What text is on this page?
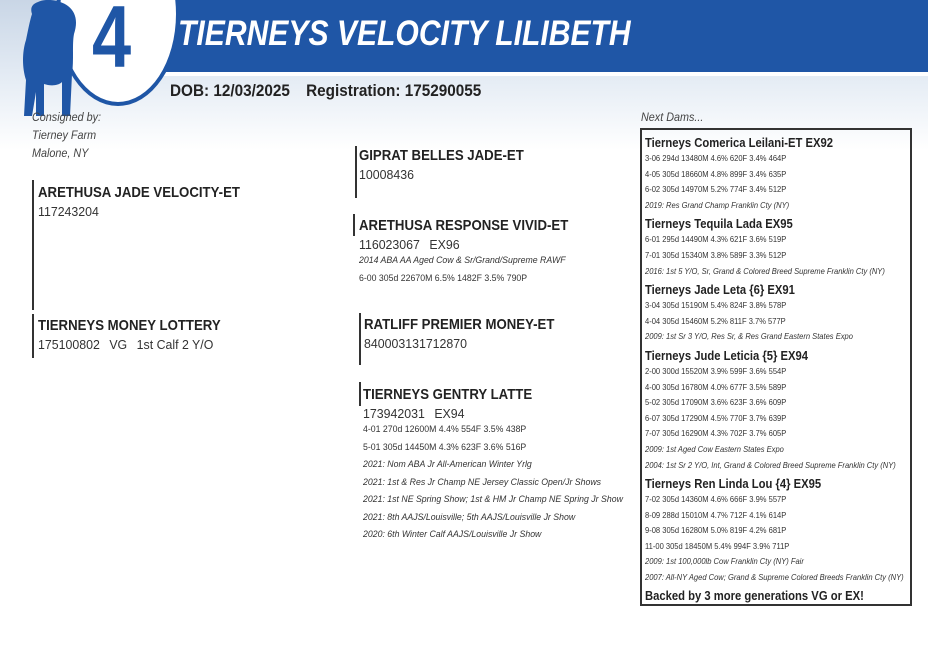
4 TIERNEYS VELOCITY LILIBETH
DOB: 12/03/2025 Registration: 175290055
Consigned by:
Tierney Farm
Malone, NY
ARETHUSA JADE VELOCITY-ET
117243204
TIERNEYS MONEY LOTTERY
175100802 VG 1st Calf 2 Y/O
GIPRAT BELLES JADE-ET
10008436
ARETHUSA RESPONSE VIVID-ET
116023067 EX96
2014 ABA AA Aged Cow & Sr/Grand/Supreme RAWF
6-00 305d 22670M 6.5% 1482F 3.5% 790P
RATLIFF PREMIER MONEY-ET
840003131712870
TIERNEYS GENTRY LATTE
173942031 EX94
4-01 270d 12600M 4.4% 554F 3.5% 438P
5-01 305d 14450M 4.3% 623F 3.6% 516P
2021: Nom ABA Jr All-American Winter Yrlg
2021: 1st & Res Jr Champ NE Jersey Classic Open/Jr Shows
2021: 1st NE Spring Show; 1st & HM Jr Champ NE Spring Jr Show
2021: 8th AAJS/Louisville; 5th AAJS/Louisville Jr Show
2020: 6th Winter Calf AAJS/Louisville Jr Show
Next Dams...
Tierneys Comerica Leilani-ET EX92
3-06 294d 13480M 4.6% 620F 3.4% 464P
4-05 305d 18660M 4.8% 899F 3.4% 635P
6-02 305d 14970M 5.2% 774F 3.4% 512P
2019: Res Grand Champ Franklin Cty (NY)
Tierneys Tequila Lada EX95
6-01 295d 14490M 4.3% 621F 3.6% 519P
7-01 305d 15340M 3.8% 589F 3.3% 512P
2016: 1st 5 Y/O, Sr, Grand & Colored Breed Supreme Franklin Cty (NY)
Tierneys Jade Leta {6} EX91
3-04 305d 15190M 5.4% 824F 3.8% 578P
4-04 305d 15460M 5.2% 811F 3.7% 577P
2009: 1st Sr 3 Y/O, Res Sr, & Res Grand Eastern States Expo
Tierneys Jude Leticia {5} EX94
2-00 300d 15520M 3.9% 599F 3.6% 554P
4-00 305d 16780M 4.0% 677F 3.5% 589P
5-02 305d 17090M 3.6% 623F 3.6% 609P
6-07 305d 17290M 4.5% 770F 3.7% 639P
7-07 305d 16290M 4.3% 702F 3.7% 605P
2009: 1st Aged Cow Eastern States Expo
2004: 1st Sr 2 Y/O, Int, Grand & Colored Breed Supreme Franklin Cty (NY)
Tierneys Ren Linda Lou {4} EX95
7-02 305d 14360M 4.6% 666F 3.9% 557P
8-09 288d 15010M 4.7% 712F 4.1% 614P
9-08 305d 16280M 5.0% 819F 4.2% 681P
11-00 305d 18450M 5.4% 994F 3.9% 711P
2009: 1st 100,000lb Cow Franklin Cty (NY) Fair
2007: All-NY Aged Cow; Grand & Supreme Colored Breeds Franklin Cty (NY)
Backed by 3 more generations VG or EX!
